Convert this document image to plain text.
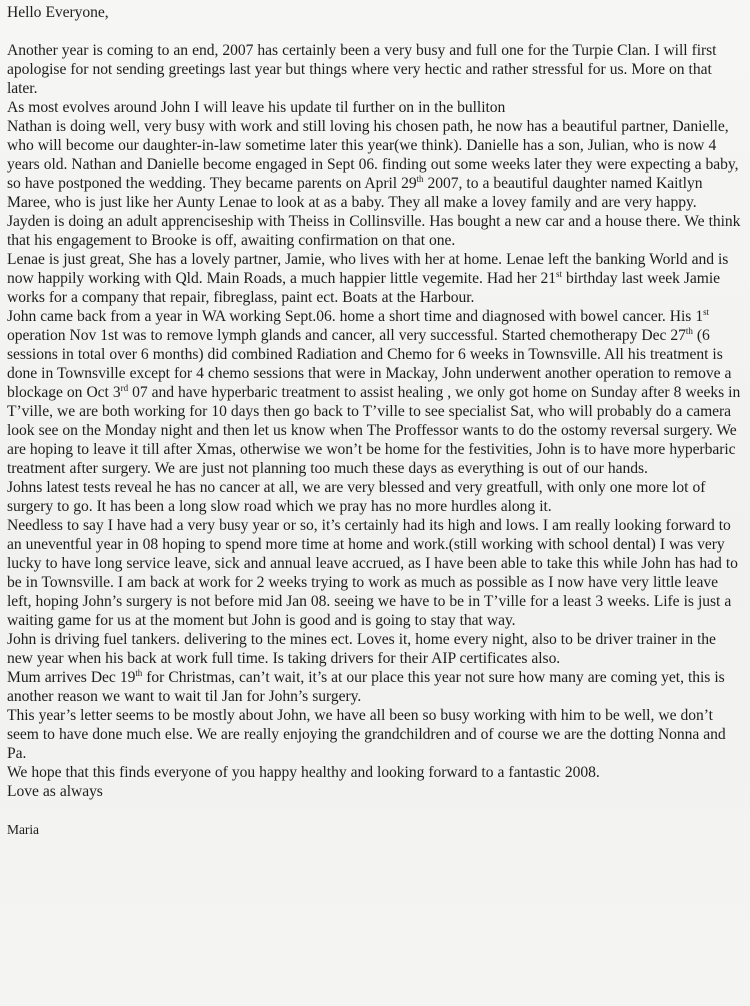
Hello Everyone,

Another year is coming to an end, 2007 has certainly been a very busy and full one for the Turpie Clan. I will first apologise for not sending greetings last year but things where very hectic and rather stressful for us. More on that later.

As most evolves around John I will leave his update til further on in the bulliton

Nathan is doing well, very busy with work and still loving his chosen path, he now has a beautiful partner, Danielle, who will become our daughter-in-law sometime later this year(we think). Danielle has a son, Julian, who is now 4 years old. Nathan and Danielle become engaged in Sept 06. finding out some weeks later they were expecting a baby, so have postponed the wedding. They became parents on April 29th 2007, to a beautiful daughter named Kaitlyn Maree, who is just like her Aunty Lenae to look at as a baby. They all make a lovey family and are very happy.

Jayden is doing an adult apprenciseship with Theiss in Collinsville. Has bought a new car and a house there. We think that his engagement to Brooke is off, awaiting confirmation on that one.

Lenae is just great, She has a lovely partner, Jamie, who lives with her at home. Lenae left the banking World and is now happily working with Qld. Main Roads, a much happier little vegemite. Had her 21st birthday last week Jamie works for a company that repair, fibreglass, paint ect. Boats at the Harbour.

John came back from a year in WA working Sept.06. home a short time and diagnosed with bowel cancer. His 1st operation Nov 1st was to remove lymph glands and cancer, all very successful. Started chemotherapy Dec 27th (6 sessions in total over 6 months) did combined Radiation and Chemo for 6 weeks in Townsville. All his treatment is done in Townsville except for 4 chemo sessions that were in Mackay, John underwent another operation to remove a blockage on Oct 3rd 07 and have hyperbaric treatment to assist healing , we only got home on Sunday after 8 weeks in T’ville, we are both working for 10 days then go back to T’ville to see specialist Sat, who will probably do a camera look see on the Monday night and then let us know when The Proffessor wants to do the ostomy reversal surgery. We are hoping to leave it till after Xmas, otherwise we won’t be home for the festivities, John is to have more hyperbaric treatment after surgery. We are just not planning too much these days as everything is out of our hands.

Johns latest tests reveal he has no cancer at all, we are very blessed and very greatfull, with only one more lot of surgery to go. It has been a long slow road which we pray has no more hurdles along it.

Needless to say I have had a very busy year or so, it’s certainly had its high and lows. I am really looking forward to an uneventful year in 08 hoping to spend more time at home and work.(still working with school dental) I was very lucky to have long service leave, sick and annual leave accrued, as I have been able to take this while John has had to be in Townsville. I am back at work for 2 weeks trying to work as much as possible as I now have very little leave left, hoping John’s surgery is not before mid Jan 08. seeing we have to be in T’ville for a least 3 weeks. Life is just a waiting game for us at the moment but John is good and is going to stay that way.

John is driving fuel tankers. delivering to the mines ect. Loves it, home every night, also to be driver trainer in the new year when his back at work full time. Is taking drivers for their AIP certificates also.

Mum arrives Dec 19th for Christmas, can’t wait, it’s at our place this year not sure how many are coming yet, this is another reason we want to wait til Jan for John’s surgery.

This year’s letter seems to be mostly about John, we have all been so busy working with him to be well, we don’t seem to have done much else. We are really enjoying the grandchildren and of course we are the dotting Nonna and Pa.

We hope that this finds everyone of you happy healthy and looking forward to a fantastic 2008.

Love as always

Maria
